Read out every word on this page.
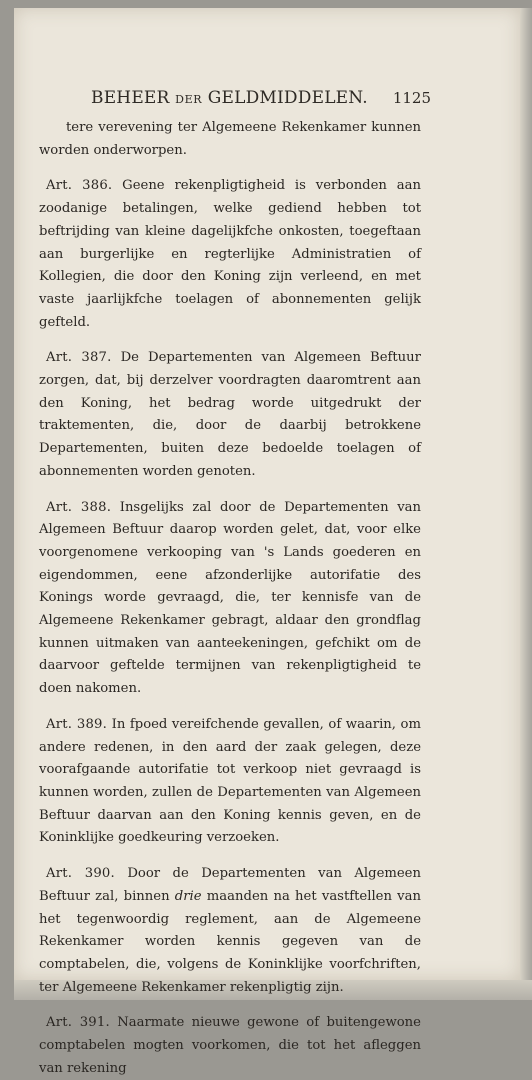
BEHEER DER GELDMIDDELEN. 1125

tere verevening ter Algemeene Rekenkamer kunnen worden onderworpen.

Art. 386. Geene rekenpligtigheid is verbonden aan zoodanige betalingen, welke gediend hebben tot beftrijding van kleine dagelijkfche onkosten, toegeftaan aan burgerlijke en regterlijke Administratien of Kollegien, die door den Koning zijn verleend, en met vaste jaarlijkfche toelagen of abonnementen gelijk gefteld.

Art. 387. De Departementen van Algemeen Beftuur zorgen, dat, bij derzelver voordragten daaromtrent aan den Koning, het bedrag worde uitgedrukt der traktementen, die, door de daarbij betrokkene Departementen, buiten deze bedoelde toelagen of abonnementen worden genoten.

Art. 388. Insgelijks zal door de Departementen van Algemeen Beftuur daarop worden gelet, dat, voor elke voorgenomene verkooping van 's Lands goederen en eigendommen, eene afzonderlijke autorifatie des Konings worde gevraagd, die, ter kennisfe van de Algemeene Rekenkamer gebragt, aldaar den grondflag kunnen uitmaken van aanteekeningen, gefchikt om de daarvoor geftelde termijnen van rekenpligtigheid te doen nakomen.

Art. 389. In fpoed vereifchende gevallen, of waarin, om andere redenen, in den aard der zaak gelegen, deze voorafgaande autorifatie tot verkoop niet gevraagd is kunnen worden, zullen de Departementen van Algemeen Beftuur daarvan aan den Koning kennis geven, en de Koninklijke goedkeuring verzoeken.

Art. 390. Door de Departementen van Algemeen Beftuur zal, binnen drie maanden na het vastftellen van het tegenwoordig reglement, aan de Algemeene Rekenkamer worden kennis gegeven van de comptabelen, die, volgens de Koninklijke voorfchriften, ter Algemeene Rekenkamer rekenpligtig zijn.

Art. 391. Naarmate nieuwe gewone of buitengewone comptabelen mogten voorkomen, die tot het afleggen van rekening
